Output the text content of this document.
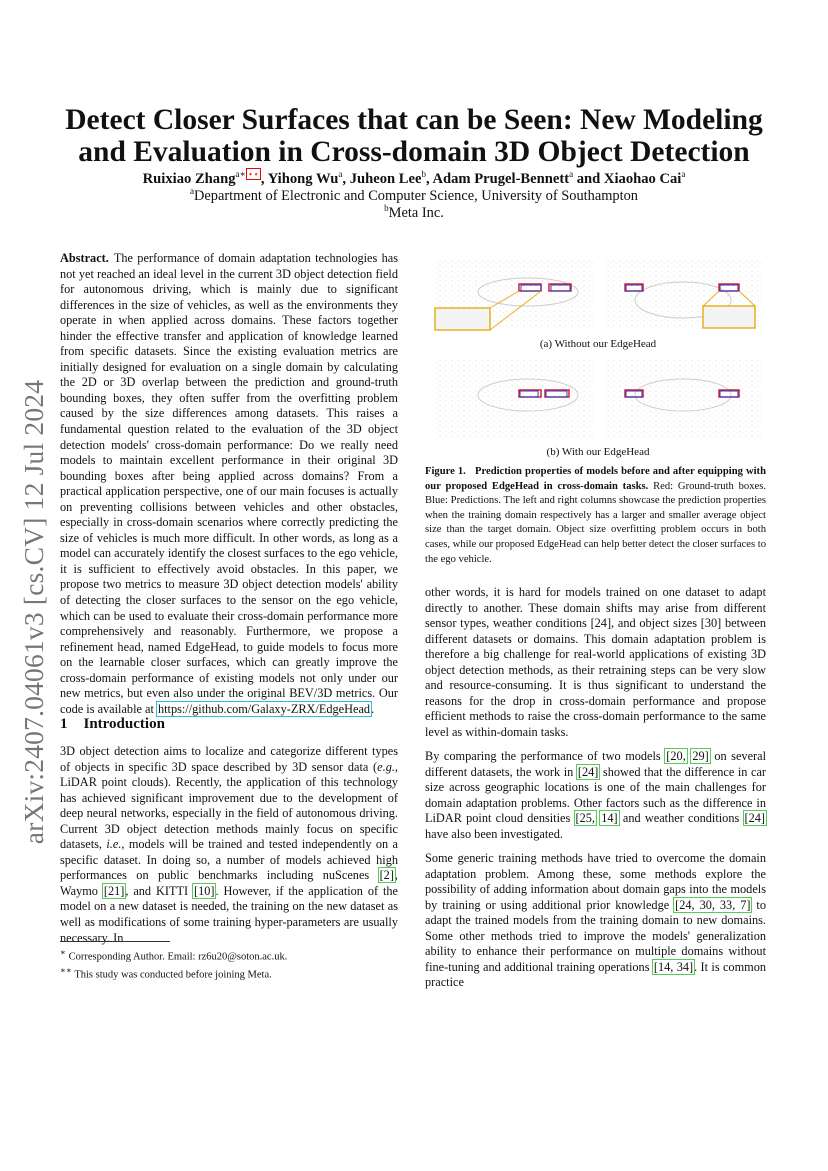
arXiv:2407.04061v3 [cs.CV] 12 Jul 2024
Detect Closer Surfaces that can be Seen: New Modeling
and Evaluation in Cross-domain 3D Object Detection
Ruixiao Zhang$^{a∗}$ ⋆⋆ , Yihong Wu$^a$, Juheon Lee$^b$, Adam Prugel-Bennett$^a$ and Xiaohao Cai$^a$
$^a$Department of Electronic and Computer Science, University of Southampton
$^b$Meta Inc.

Abstract. The performance of domain adaptation technologies has not yet reached an ideal level in the current 3D object detection field for autonomous driving, which is mainly due to significant differences in the size of vehicles, as well as the environments they operate in when applied across domains. These factors together hinder the effective transfer and application of knowledge learned from specific datasets. Since the existing evaluation metrics are initially designed for evaluation on a single domain by calculating the 2D or 3D overlap between the prediction and ground-truth bounding boxes, they often suffer from the overfitting problem caused by the size differences among datasets. This raises a fundamental question related to the evaluation of the 3D object detection models' cross-domain performance: Do we really need models to maintain excellent performance in their original 3D bounding boxes after being applied across domains? From a practical application perspective, one of our main focuses is actually on preventing collisions between vehicles and other obstacles, especially in cross-domain scenarios where correctly predicting the size of vehicles is much more difficult. In other words, as long as a model can accurately identify the closest surfaces to the ego vehicle, it is sufficient to effectively avoid obstacles. In this paper, we propose two metrics to measure 3D object detection models' ability of detecting the closer surfaces to the sensor on the ego vehicle, which can be used to evaluate their cross-domain performance more comprehensively and reasonably. Furthermore, we propose a refinement head, named EdgeHead, to guide models to focus more on the learnable closer surfaces, which can greatly improve the cross-domain performance of existing models not only under our new metrics, but even also under the original BEV/3D metrics. Our code is available at https://github.com/Galaxy-ZRX/EdgeHead.

1 Introduction

3D object detection aims to localize and categorize different types of objects in specific 3D space described by 3D sensor data (e.g., LiDAR point clouds). Recently, the application of this technology has achieved significant improvement due to the development of deep neural networks, especially in the field of autonomous driving. Current 3D object detection methods mainly focus on specific datasets, i.e., models will be trained and tested independently on a specific dataset. In doing so, a number of models achieved high performances on public benchmarks including nuScenes [2], Waymo [21], and KITTI [10]. However, if the application of the model on a new dataset is needed, the training on the new dataset as well as modifications of some training hyper-parameters are usually necessary. In

∗ Corresponding Author. Email: rz6u20@soton.ac.uk.
∗∗ This study was conducted before joining Meta.
(a) Without our EdgeHead
(b) With our EdgeHead
Figure 1. Prediction properties of models before and after equipping with our proposed EdgeHead in cross-domain tasks. Red: Ground-truth boxes. Blue: Predictions. The left and right columns showcase the prediction properties when the training domain respectively has a larger and smaller average object size than the target domain. Object size overfitting problem occurs in both cases, while our proposed EdgeHead can help better detect the closer surfaces to the ego vehicle.

other words, it is hard for models trained on one dataset to adapt directly to another. These domain shifts may arise from different sensor types, weather conditions [24], and object sizes [30] between different datasets or domains. This domain adaptation problem is therefore a big challenge for real-world applications of existing 3D object detection methods, as their retraining steps can be very slow and resource-consuming. It is thus significant to understand the reasons for the drop in cross-domain performance and propose efficient methods to raise the cross-domain performance to the same level as within-domain tasks.

By comparing the performance of two models [20, 29] on several different datasets, the work in [24] showed that the difference in car size across geographic locations is one of the main challenges for domain adaptation problems. Other factors such as the difference in LiDAR point cloud densities [25, 14] and weather conditions [24] have also been investigated.

Some generic training methods have tried to overcome the domain adaptation problem. Among these, some methods explore the possibility of adding information about domain gaps into the models by training or using additional prior knowledge [24, 30, 33, 7] to adapt the trained models from the training domain to new domains. Some other methods tried to improve the models' generalization ability to enhance their performance on multiple domains without fine-tuning and additional training operations [14, 34]. It is common practice
